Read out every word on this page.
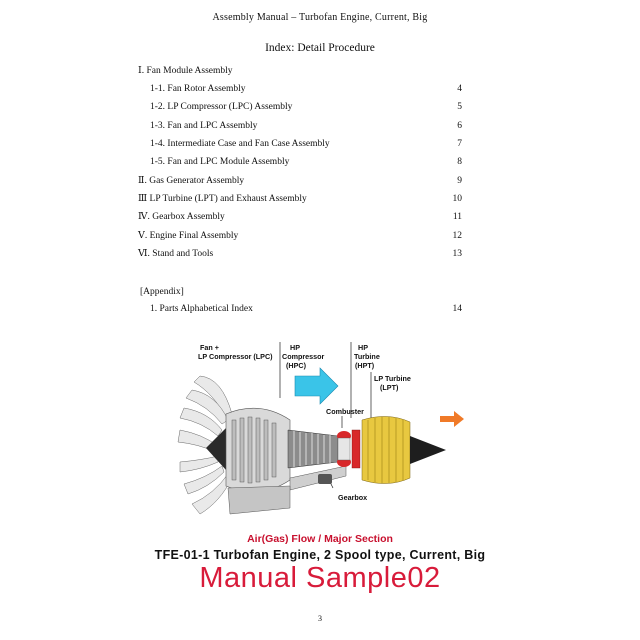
Assembly Manual – Turbofan Engine, Current, Big
Index: Detail Procedure
Ⅰ. Fan Module Assembly
1-1. Fan Rotor Assembly	4
1-2. LP Compressor (LPC) Assembly	5
1-3. Fan and LPC Assembly	6
1-4. Intermediate Case and Fan Case Assembly	7
1-5. Fan and LPC Module Assembly	8
Ⅱ. Gas Generator Assembly	9
Ⅲ LP Turbine (LPT) and Exhaust Assembly	10
Ⅳ. Gearbox Assembly	11
Ⅴ. Engine Final Assembly	12
Ⅵ. Stand and Tools	13
[Appendix]
1. Parts Alphabetical Index	14
Fan +
LP Compressor (LPC)
HP
Compressor
(HPC)
HP
Turbine
(HPT)
LP Turbine
(LPT)
Combuster
Gearbox
Air(Gas) Flow / Major Section
TFE-01-1 Turbofan Engine, 2 Spool type, Current, Big
Manual Sample02
3
